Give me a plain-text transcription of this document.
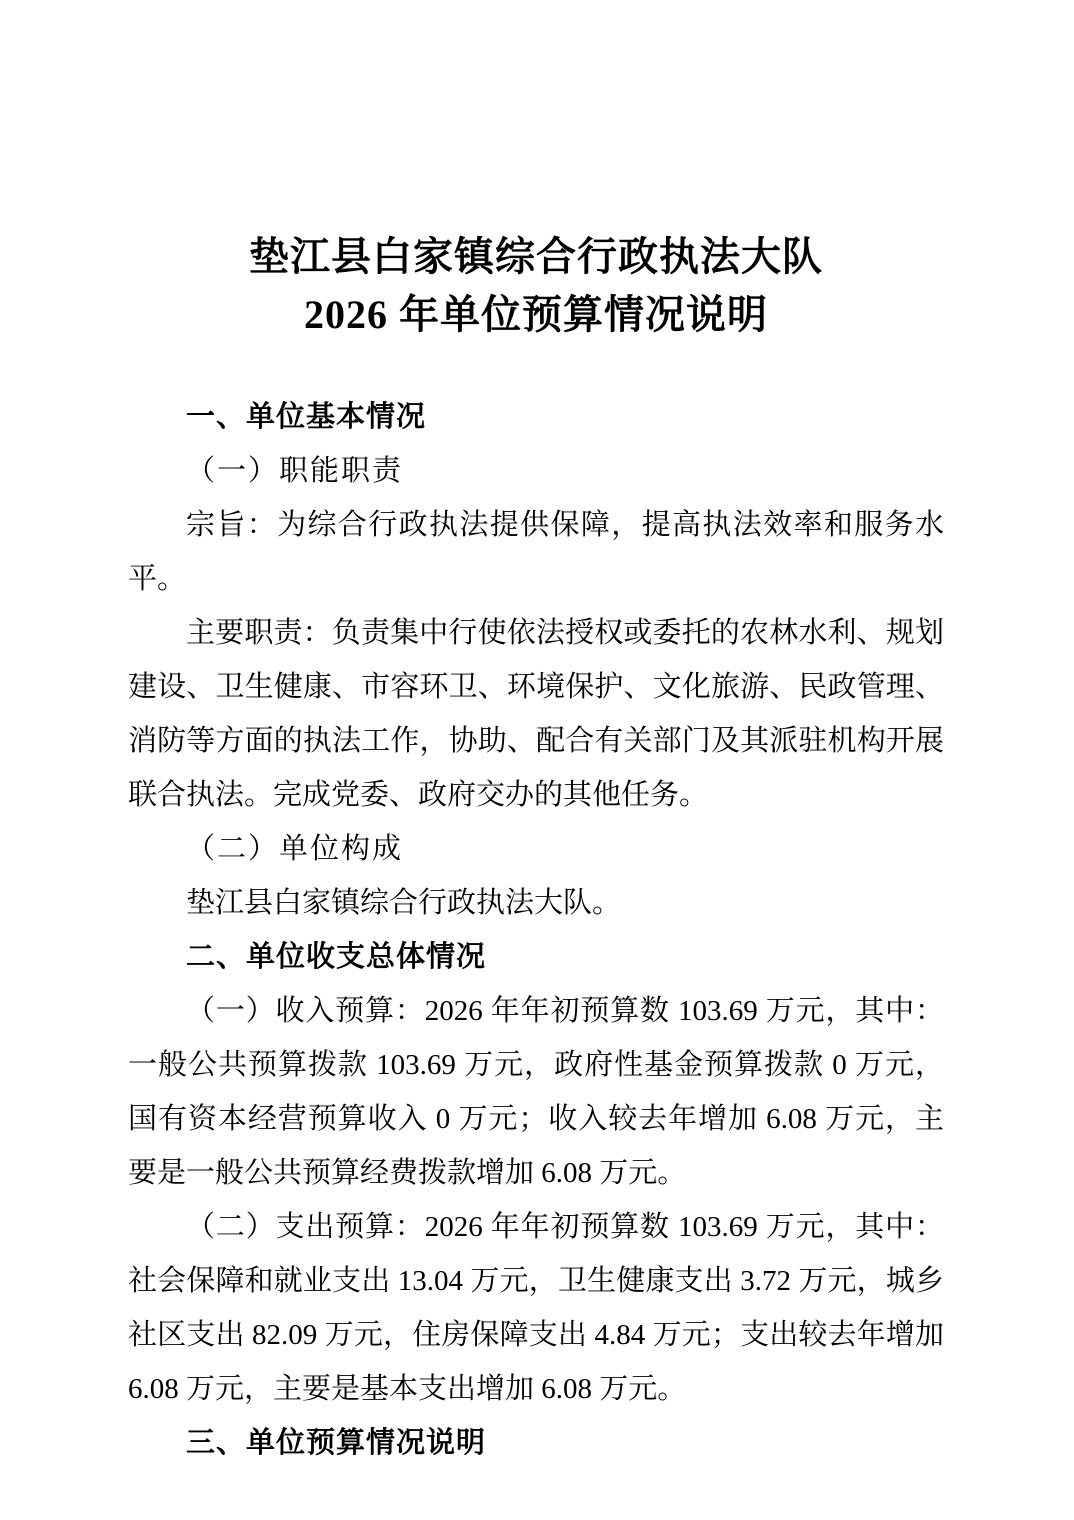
垫江县白家镇综合行政执法大队
2026 年单位预算情况说明
一、单位基本情况
（一）职能职责
宗旨：为综合行政执法提供保障，提高执法效率和服务水平。
主要职责：负责集中行使依法授权或委托的农林水利、规划建设、卫生健康、市容环卫、环境保护、文化旅游、民政管理、消防等方面的执法工作，协助、配合有关部门及其派驻机构开展联合执法。完成党委、政府交办的其他任务。
（二）单位构成
垫江县白家镇综合行政执法大队。
二、单位收支总体情况
（一）收入预算：2026 年年初预算数 103.69 万元，其中：一般公共预算拨款 103.69 万元，政府性基金预算拨款 0 万元，国有资本经营预算收入 0 万元；收入较去年增加 6.08 万元，主要是一般公共预算经费拨款增加 6.08 万元。
（二）支出预算：2026 年年初预算数 103.69 万元，其中：社会保障和就业支出 13.04 万元，卫生健康支出 3.72 万元，城乡社区支出 82.09 万元，住房保障支出 4.84 万元；支出较去年增加 6.08 万元，主要是基本支出增加 6.08 万元。
三、单位预算情况说明
